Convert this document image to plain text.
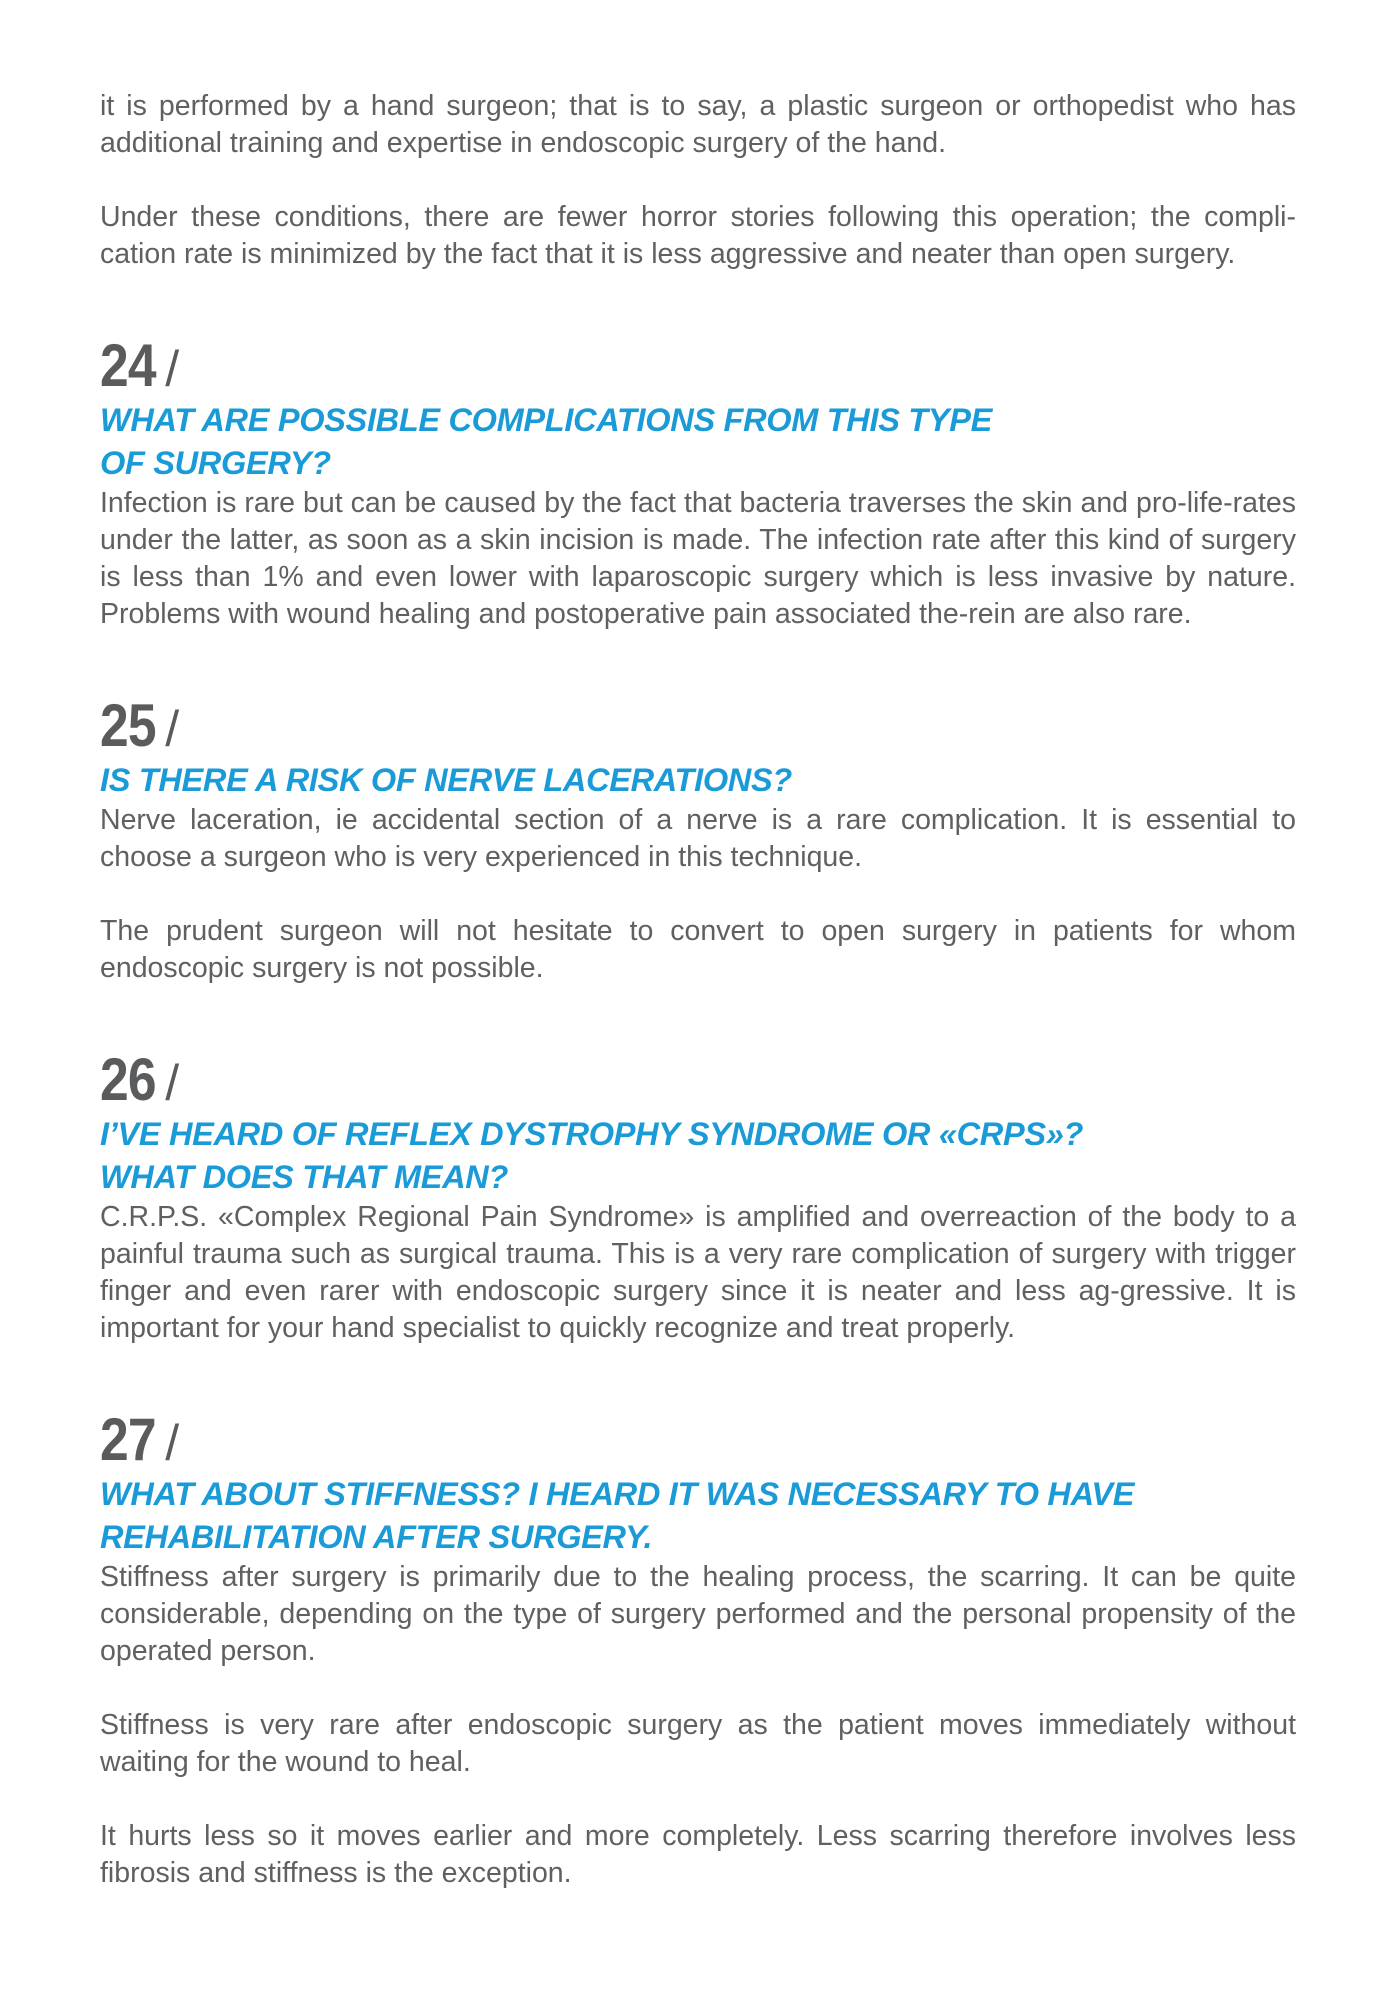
it is performed by a hand surgeon; that is to say, a plastic surgeon or orthopedist who has additional training and expertise in endoscopic surgery of the hand.

Under these conditions, there are fewer horror stories following this operation; the compli-cation rate is minimized by the fact that it is less aggressive and neater than open surgery.

24 /
WHAT ARE POSSIBLE COMPLICATIONS FROM THIS TYPE
OF SURGERY?

Infection is rare but can be caused by the fact that bacteria traverses the skin and pro-life-rates under the latter, as soon as a skin incision is made. The infection rate after this kind of surgery is less than 1% and even lower with laparoscopic surgery which is less invasive by nature. Problems with wound healing and postoperative pain associated the-rein are also rare.

25 /
IS THERE A RISK OF NERVE LACERATIONS?

Nerve laceration, ie accidental section of a nerve is a rare complication. It is essential to choose a surgeon who is very experienced in this technique.

The prudent surgeon will not hesitate to convert to open surgery in patients for whom endoscopic surgery is not possible.

26 /
I’VE HEARD OF REFLEX DYSTROPHY SYNDROME OR «CRPS»?
WHAT DOES THAT MEAN?

C.R.P.S. «Complex Regional Pain Syndrome» is amplified and overreaction of the body to a painful trauma such as surgical trauma. This is a very rare complication of surgery with trigger finger and even rarer with endoscopic surgery since it is neater and less ag-gressive. It is important for your hand specialist to quickly recognize and treat properly.

27 /
WHAT ABOUT STIFFNESS? I HEARD IT WAS NECESSARY TO HAVE
REHABILITATION AFTER SURGERY.

Stiffness after surgery is primarily due to the healing process, the scarring. It can be quite considerable, depending on the type of surgery performed and the personal propensity of the operated person.

Stiffness is very rare after endoscopic surgery as the patient moves immediately without waiting for the wound to heal.

It hurts less so it moves earlier and more completely. Less scarring therefore involves less fibrosis and stiffness is the exception.
